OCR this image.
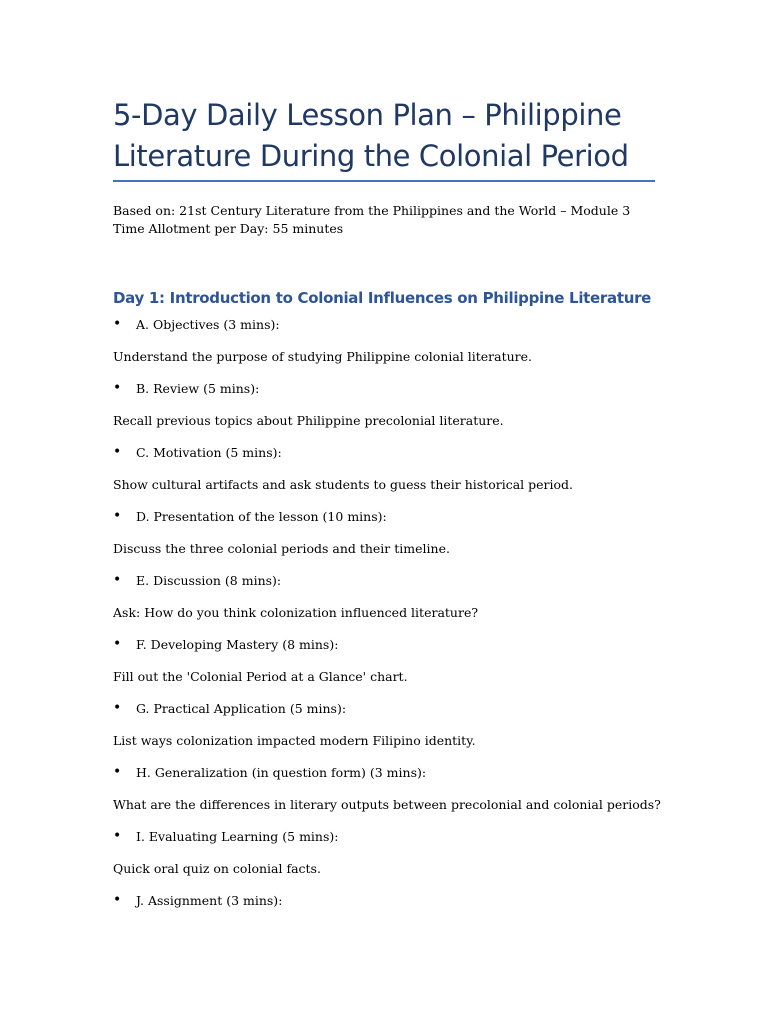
5-Day Daily Lesson Plan – Philippine Literature During the Colonial Period
Based on: 21st Century Literature from the Philippines and the World – Module 3
Time Allotment per Day: 55 minutes
Day 1: Introduction to Colonial Influences on Philippine Literature
• A. Objectives (3 mins):
Understand the purpose of studying Philippine colonial literature.
• B. Review (5 mins):
Recall previous topics about Philippine precolonial literature.
• C. Motivation (5 mins):
Show cultural artifacts and ask students to guess their historical period.
• D. Presentation of the lesson (10 mins):
Discuss the three colonial periods and their timeline.
• E. Discussion (8 mins):
Ask: How do you think colonization influenced literature?
• F. Developing Mastery (8 mins):
Fill out the 'Colonial Period at a Glance' chart.
• G. Practical Application (5 mins):
List ways colonization impacted modern Filipino identity.
• H. Generalization (in question form) (3 mins):
What are the differences in literary outputs between precolonial and colonial periods?
• I. Evaluating Learning (5 mins):
Quick oral quiz on colonial facts.
• J. Assignment (3 mins):
